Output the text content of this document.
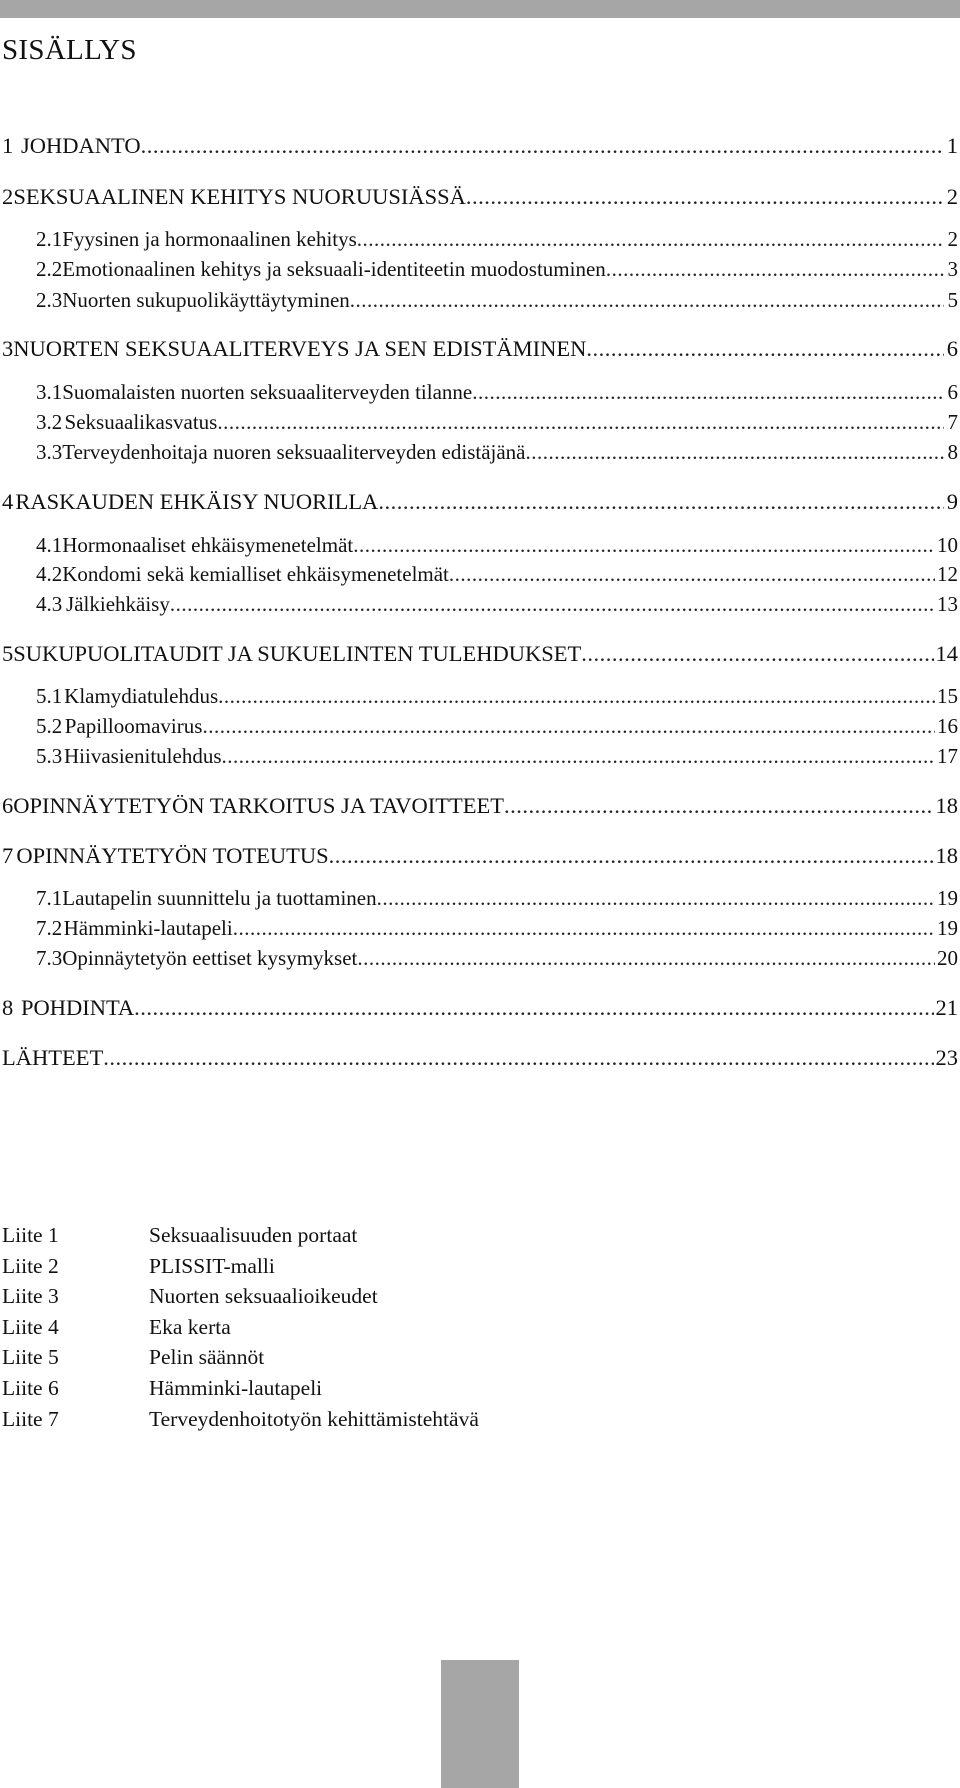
SISÄLLYS
1 JOHDANTO .....	1
2 SEKSUAALINEN KEHITYS NUORUUSIÄSSÄ .....	2
2.1 Fyysinen ja hormonaalinen kehitys .....	2
2.2 Emotionaalinen kehitys ja seksuaali-identiteetin muodostuminen .....	3
2.3 Nuorten sukupuolikäyttäytyminen .....	5
3 NUORTEN SEKSUAALITERVEYS JA SEN EDISTÄMINEN .....	6
3.1 Suomalaisten nuorten seksuaaliterveyden tilanne .....	6
3.2 Seksuaalikasvatus .....	7
3.3 Terveydenhoitaja nuoren seksuaaliterveyden edistäjänä .....	8
4 RASKAUDEN EHKÄISY NUORILLA .....	9
4.1 Hormonaaliset ehkäisymenetelmät .....	10
4.2 Kondomi sekä kemialliset ehkäisymenetelmät .....	12
4.3 Jälkiehkäisy .....	13
5 SUKUPUOLITAUDIT JA SUKUELINTEN TULEHDUKSET .....	14
5.1 Klamydiatulehdus .....	15
5.2 Papilloomavirus .....	16
5.3 Hiivasienitulehdus .....	17
6 OPINNÄYTETYÖN TARKOITUS JA TAVOITTEET .....	18
7 OPINNÄYTETYÖN TOTEUTUS .....	18
7.1 Lautapelin suunnittelu ja tuottaminen .....	19
7.2 Hämminki-lautapeli .....	19
7.3 Opinnäytetyön eettiset kysymykset .....	20
8 POHDINTA .....	21
LÄHTEET .....	23
Liite 1	Seksuaalisuuden portaat
Liite 2	PLISSIT-malli
Liite 3	Nuorten seksuaalioikeudet
Liite 4	Eka kerta
Liite 5	Pelin säännöt
Liite 6	Hämminki-lautapeli
Liite 7	Terveydenhoitotyön kehittämistehtävä
